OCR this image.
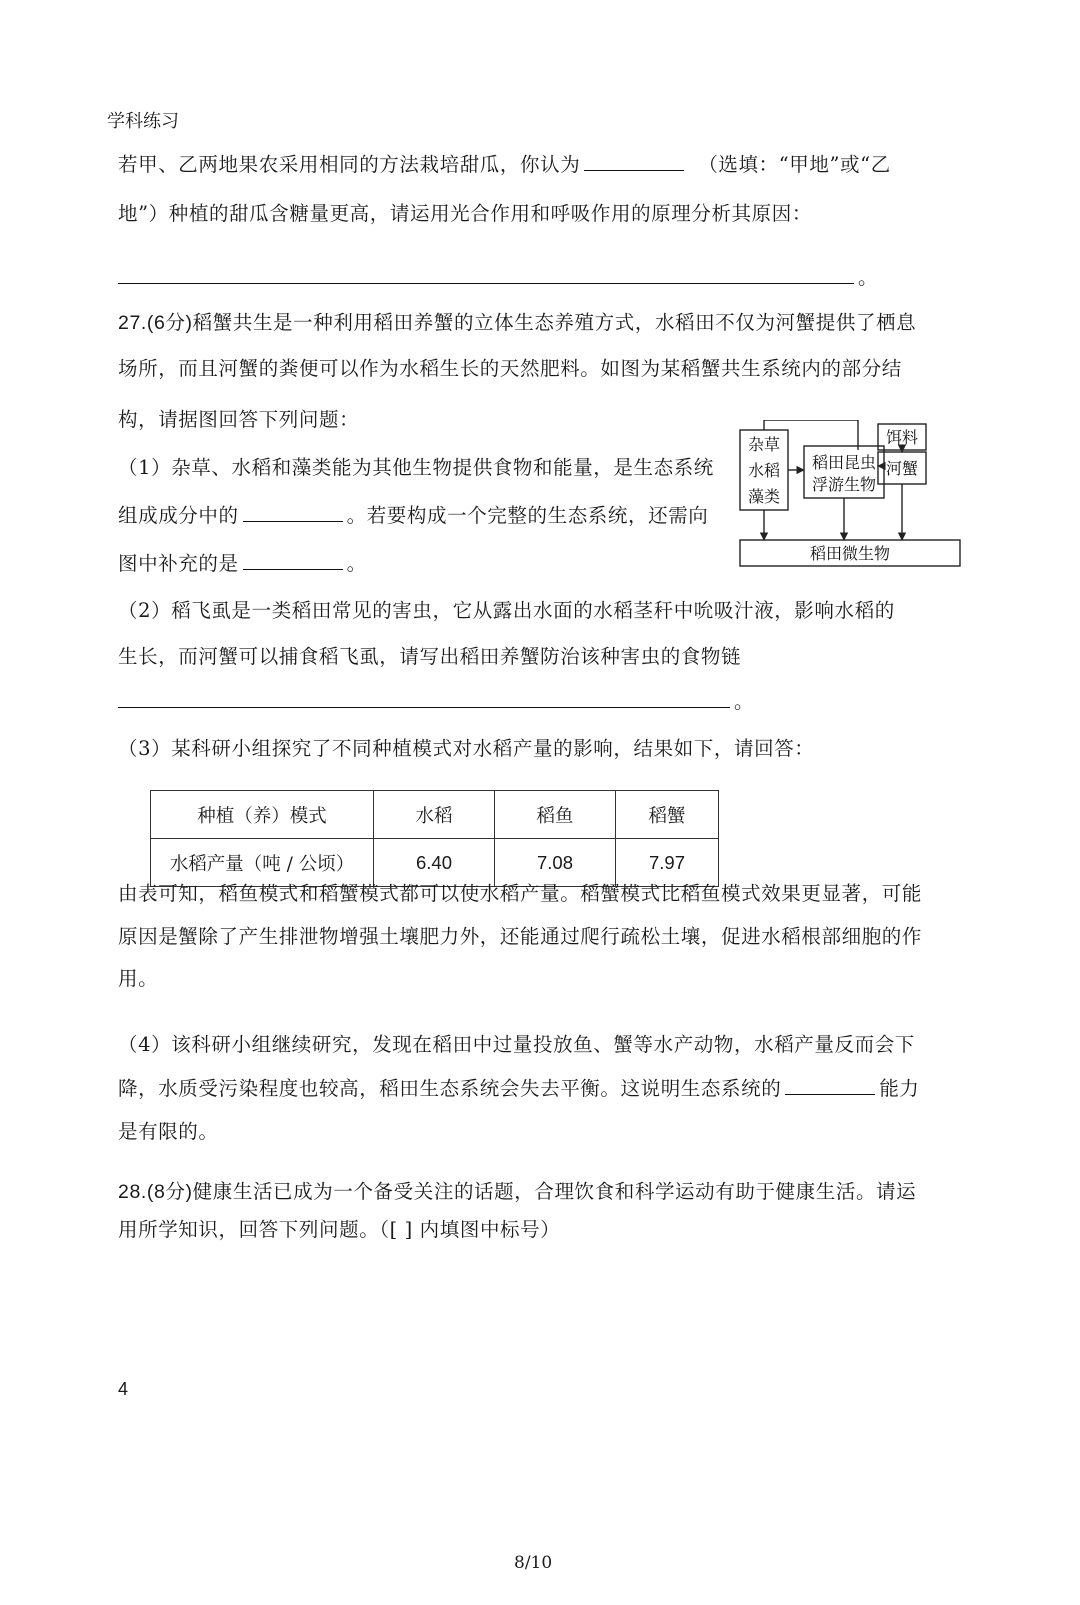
学科练习
若甲、乙两地果农采用相同的方法栽培甜瓜，你认为	（选填：“甲地”或“乙
地”）种植的甜瓜含糖量更高，请运用光合作用和呼吸作用的原理分析其原因：
。
27.(6分)稻蟹共生是一种利用稻田养蟹的立体生态养殖方式，水稻田不仅为河蟹提供了栖息
场所，而且河蟹的粪便可以作为水稻生长的天然肥料。如图为某稻蟹共生系统内的部分结
构，请据图回答下列问题：
（1）杂草、水稻和藻类能为其他生物提供食物和能量，是生态系统
组成成分中的	。若要构成一个完整的生态系统，还需向
图中补充的是	。
杂草
水稻
藻类
稻田昆虫
浮游生物
饵料
河蟹
稻田微生物
（2）稻飞虱是一类稻田常见的害虫，它从露出水面的水稻茎秆中吮吸汁液，影响水稻的
生长，而河蟹可以捕食稻飞虱，请写出稻田养蟹防治该种害虫的食物链
。
（3）某科研小组探究了不同种植模式对水稻产量的影响，结果如下，请回答：
种植（养）模式	水稻	稻鱼	稻蟹
水稻产量（吨 / 公顷）	6.40	7.08	7.97
由表可知，稻鱼模式和稻蟹模式都可以使水稻产量。稻蟹模式比稻鱼模式效果更显著，可能
原因是蟹除了产生排泄物增强土壤肥力外，还能通过爬行疏松土壤，促进水稻根部细胞的作
用。
（4）该科研小组继续研究，发现在稻田中过量投放鱼、蟹等水产动物，水稻产量反而会下
降，水质受污染程度也较高，稻田生态系统会失去平衡。这说明生态系统的	能力
是有限的。
28.(8分)健康生活已成为一个备受关注的话题，合理饮食和科学运动有助于健康生活。请运
用所学知识，回答下列问题。（[ ] 内填图中标号）
4
8/10
